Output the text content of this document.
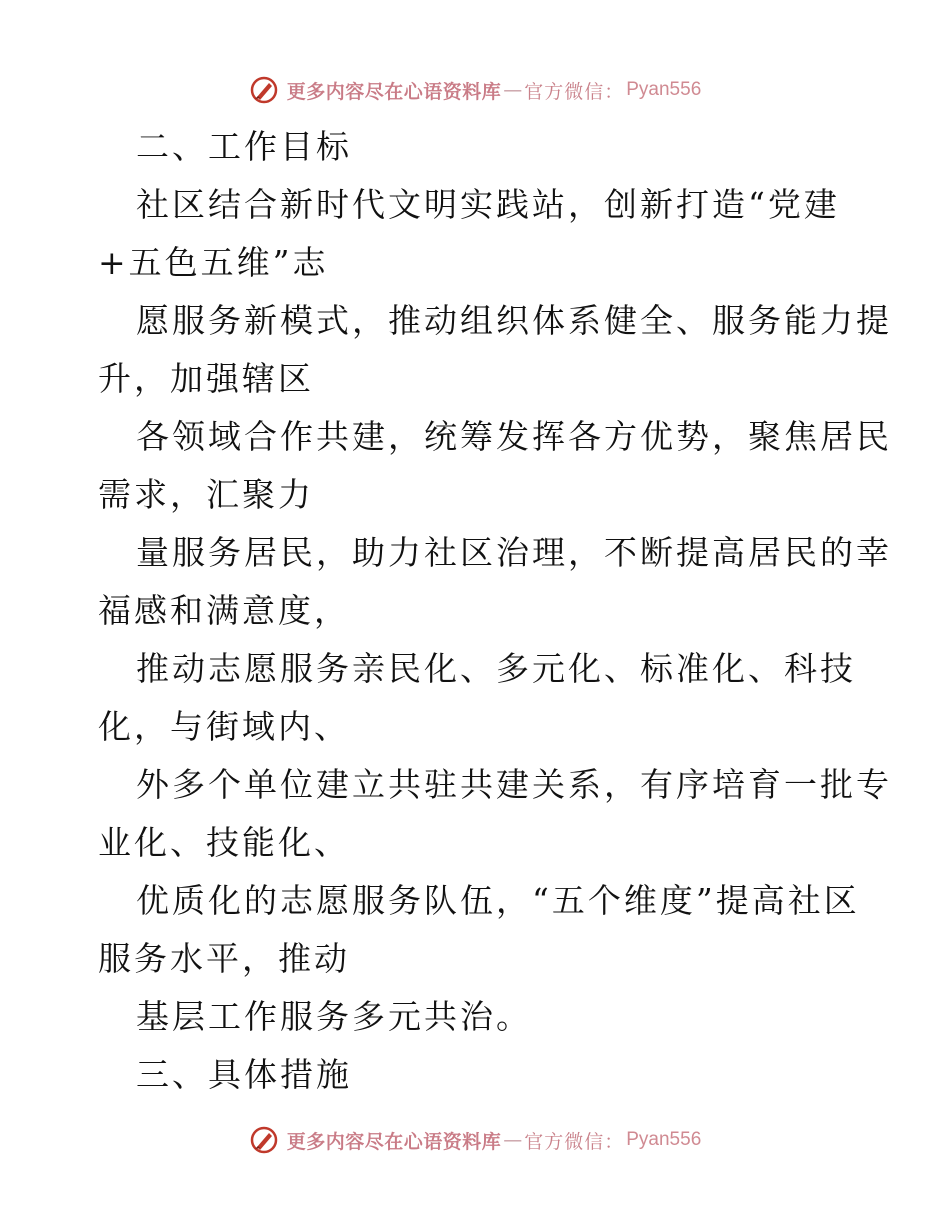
更多内容尽在心语资料库 — 官方微信： Pyan556
二、工作目标
社区结合新时代文明实践站，创新打造“党建
+五色五维”志
愿服务新模式，推动组织体系健全、服务能力提
升，加强辖区
各领域合作共建，统筹发挥各方优势，聚焦居民
需求，汇聚力
量服务居民，助力社区治理，不断提高居民的幸
福感和满意度，
推动志愿服务亲民化、多元化、标准化、科技
化，与街域内、
外多个单位建立共驻共建关系，有序培育一批专
业化、技能化、
优质化的志愿服务队伍，“五个维度”提高社区
服务水平，推动
基层工作服务多元共治。
三、具体措施
更多内容尽在心语资料库 — 官方微信： Pyan556
